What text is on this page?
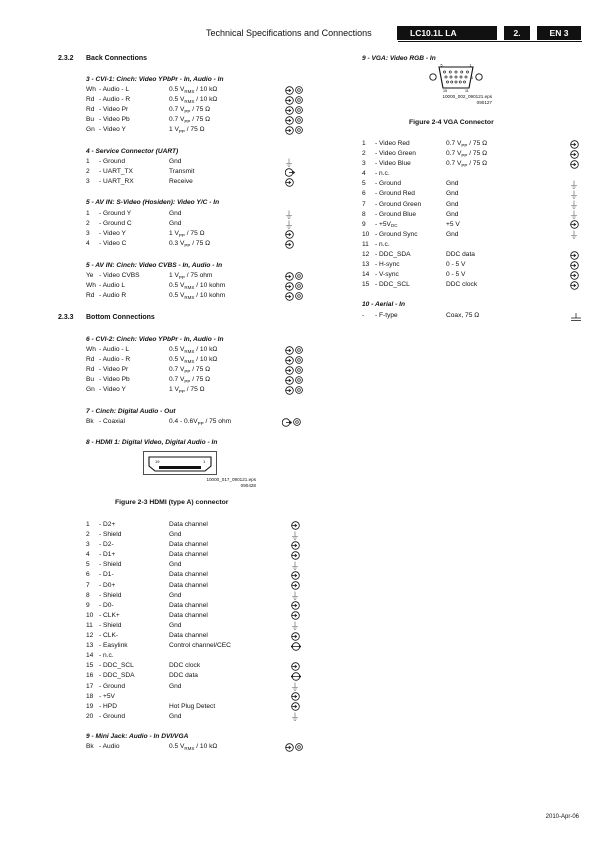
Technical Specifications and Connections	LC10.1L LA	2.	EN 3
2.3.2 Back Connections
3 - CVI-1: Cinch: Video YPbPr - In, Audio - In
Wh - Audio - L	0.5 $V_{RMS} / 10$ kΩ
Rd - Audio - R	0.5 $V_{RMS} / 10$ kΩ
Rd - Video Pr	0.7 $V_{PP} / 75$ Ω
Bu - Video Pb	0.7 $V_{PP} / 75$ Ω
Gn - Video Y	1 $V_{PP} / 75$ Ω
4 - Service Connector (UART)
1 - Ground	Gnd
2 - UART_TX	Transmit
3 - UART_RX	Receive
5 - AV IN: S-Video (Hosiden): Video Y/C - In
1 - Ground Y	Gnd
2 - Ground C	Gnd
3 - Video Y	1 $V_{PP} / 75$ Ω
4 - Video C	0.3 $V_{PP} / 75$ Ω
5 - AV IN: Cinch: Video CVBS - In, Audio - In
Ye - Video CVBS	1 $V_{PP} / 75$ ohm
Wh - Audio L	0.5 $V_{RMS} / 10$ kohm
Rd - Audio R	0.5 $V_{RMS} / 10$ kohm
2.3.3 Bottom Connections
6 - CVI-2: Cinch: Video YPbPr - In, Audio - In
Wh - Audio - L	0.5 $V_{RMS} / 10$ kΩ
Rd - Audio - R	0.5 $V_{RMS} / 10$ kΩ
Rd - Video Pr	0.7 $V_{PP} / 75$ Ω
Bu - Video Pb	0.7 $V_{PP} / 75$ Ω
Gn - Video Y	1 $V_{PP} / 75$ Ω
7 - Cinch: Digital Audio - Out
Bk - Coaxial	$0.4 - 0.6V_{PP} / 75$ ohm
8 - HDMI 1: Digital Video, Digital Audio - In
19	1
10000_017_090121.eps
090428
Figure 2-3 HDMI (type A) connector
1 - D2+	Data channel
2 - Shield	Gnd
3 - D2-	Data channel
4 - D1+	Data channel
5 - Shield	Gnd
6 - D1-	Data channel
7 - D0+	Data channel
8 - Shield	Gnd
9 - D0-	Data channel
10 - CLK+	Data channel
11 - Shield	Gnd
12 - CLK-	Data channel
13 - Easylink	Control channel/CEC
14 - n.c.
15 - DDC_SCL	DDC clock
16 - DDC_SDA	DDC data
17 - Ground	Gnd
18 - +5V
19 - HPD	Hot Plug Detect
20 - Ground	Gnd
9 - Mini Jack: Audio - In DVI/VGA
Bk - Audio	0.5 $V_{RMS} / 10$ kΩ
9 - VGA: Video RGB - In
5	1
6
15	11
10000_002_090121.eps
090127
Figure 2-4 VGA Connector
1 - Video Red	0.7 $V_{PP} / 75$ Ω
2 - Video Green	0.7 $V_{PP} / 75$ Ω
3 - Video Blue	0.7 $V_{PP} / 75$ Ω
4 - n.c.
5 - Ground	Gnd
6 - Ground Red	Gnd
7 - Ground Green	Gnd
8 - Ground Blue	Gnd
$9 - +5V_{DC}$	+5 V
10 - Ground Sync	Gnd
11 - n.c.
12 - DDC_SDA	DDC data
13 - H-sync	0 - 5 V
14 - V-sync	0 - 5 V
15 - DDC_SCL	DDC clock
10 - Aerial - In
- - F-type	Coax, 75 Ω
2010-Apr-06
